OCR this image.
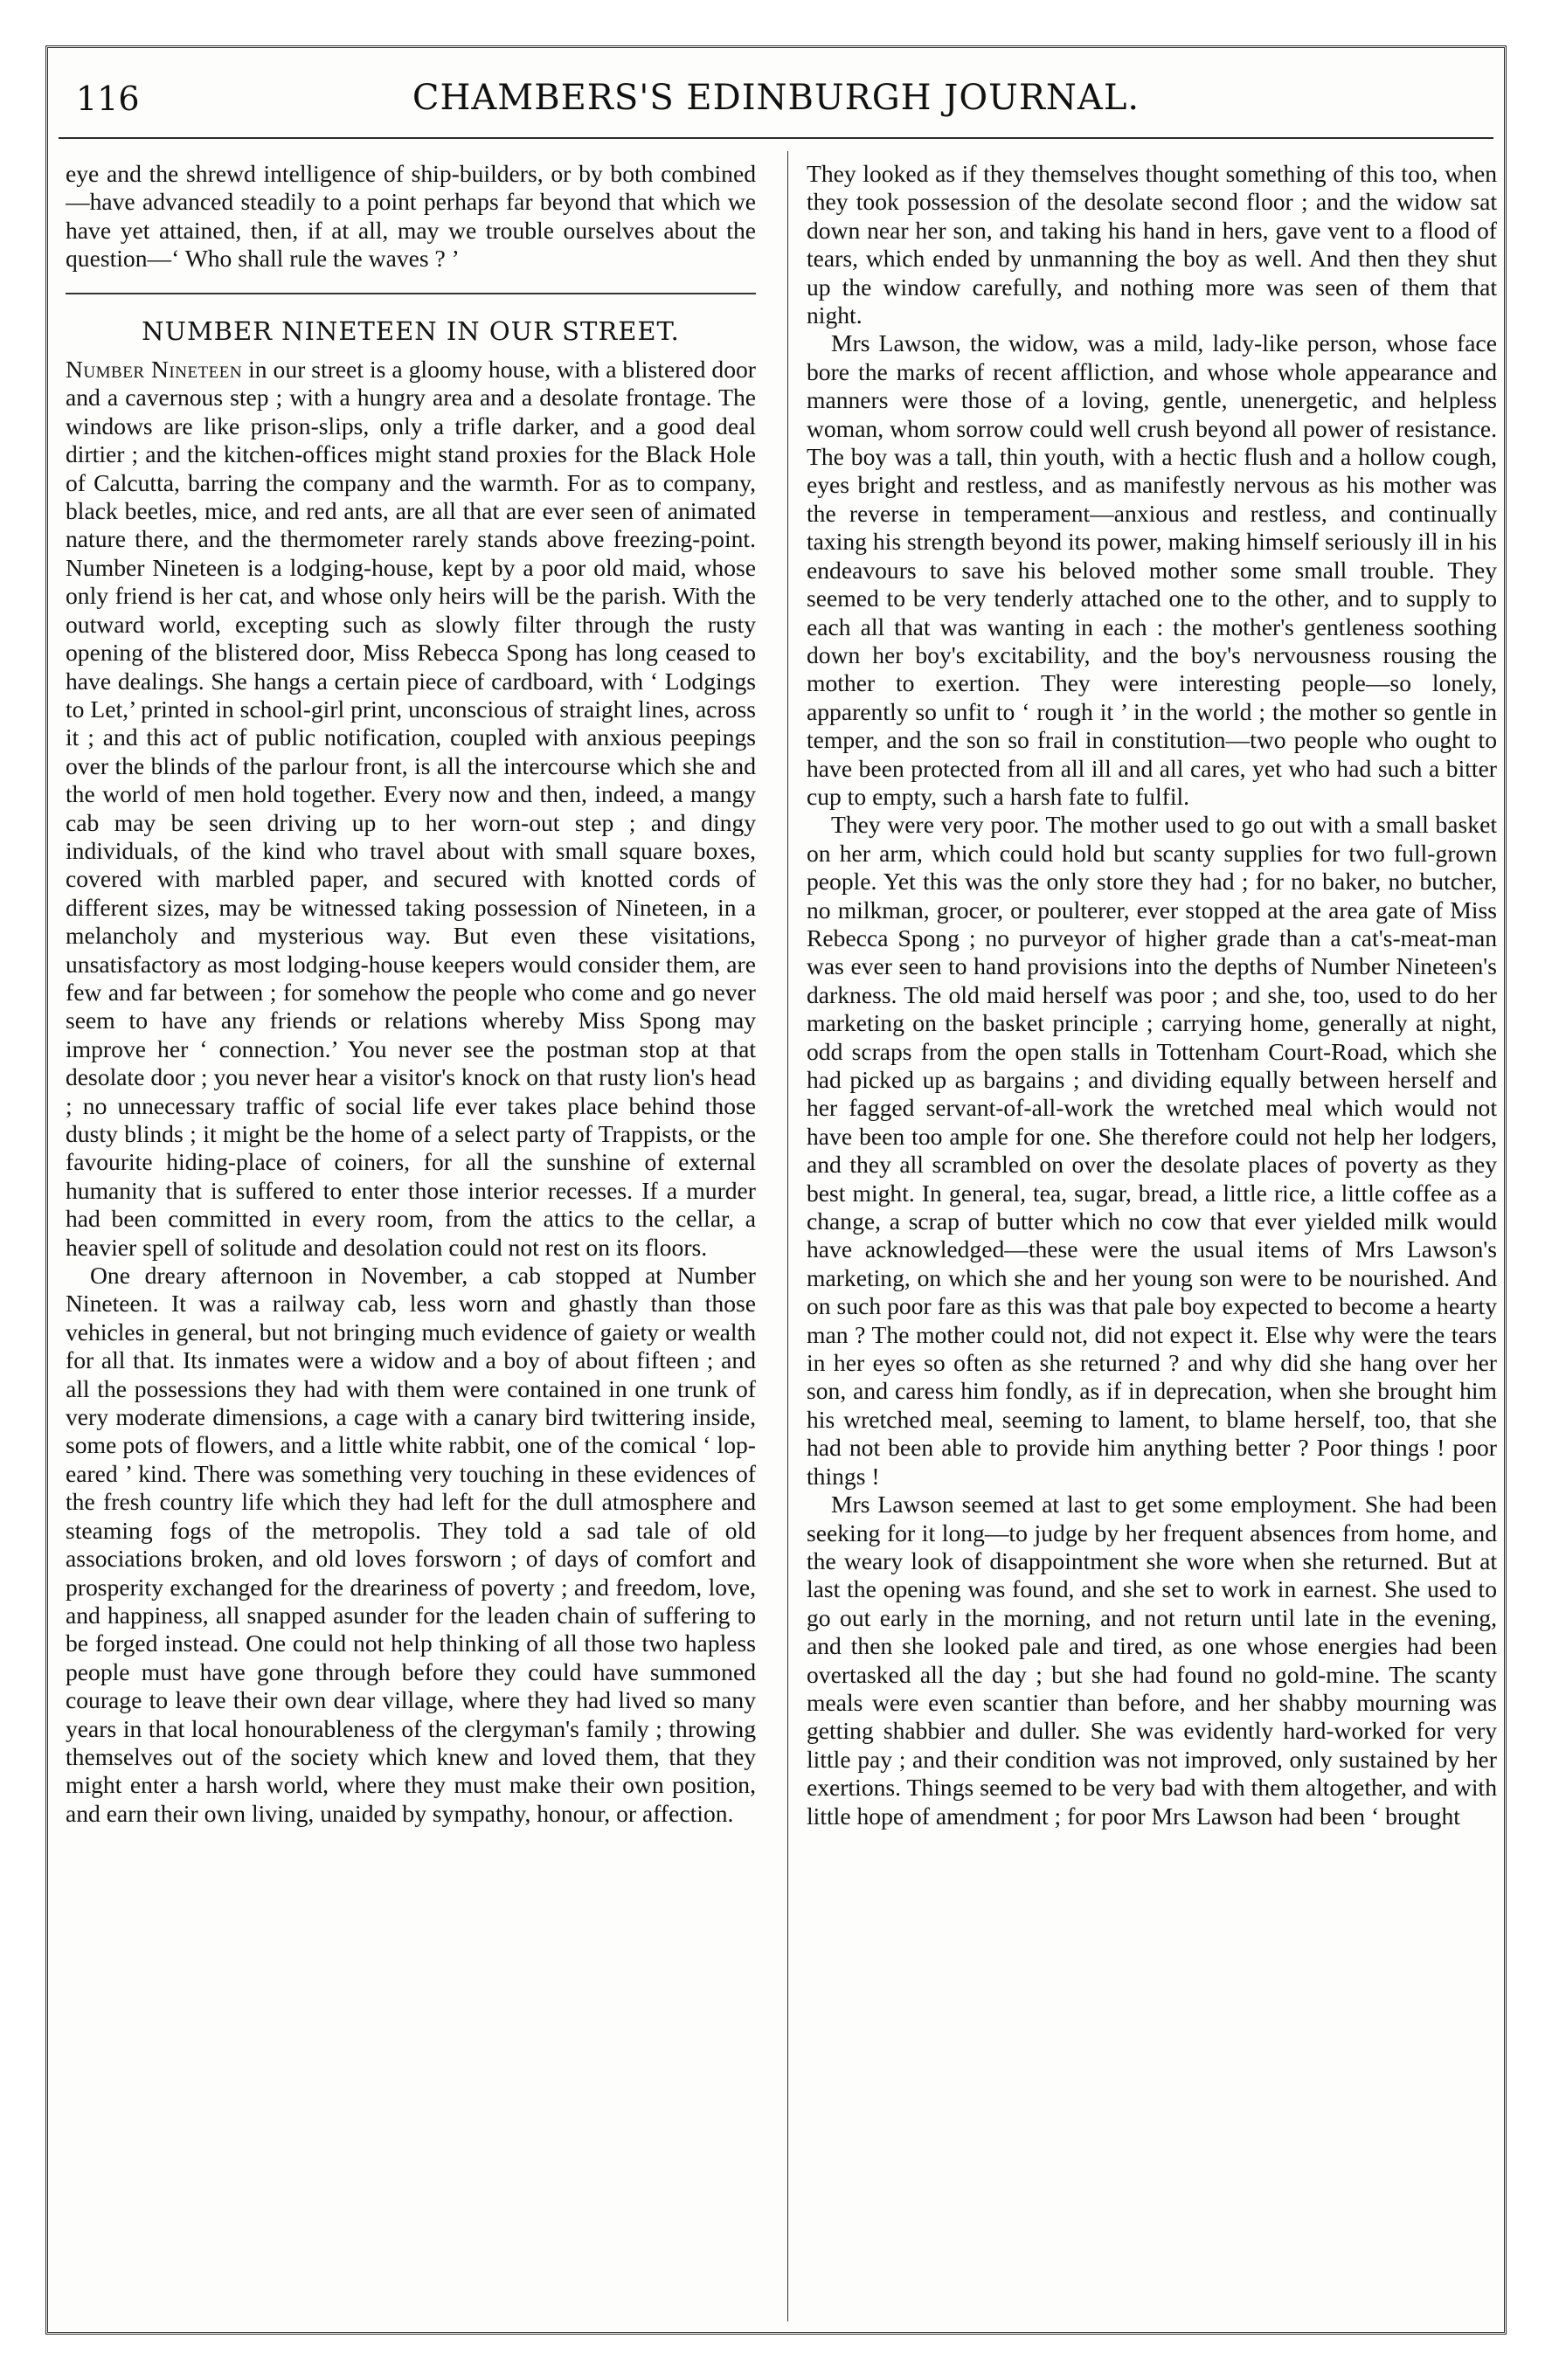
116	CHAMBERS'S EDINBURGH JOURNAL.

eye and the shrewd intelligence of ship-builders, or by both combined—have advanced steadily to a point perhaps far beyond that which we have yet attained, then, if at all, may we trouble ourselves about the question—‘ Who shall rule the waves ? ’

NUMBER NINETEEN IN OUR STREET.

Number Nineteen in our street is a gloomy house, with a blistered door and a cavernous step ; with a hungry area and a desolate frontage. The windows are like prison-slips, only a trifle darker, and a good deal dirtier ; and the kitchen-offices might stand proxies for the Black Hole of Calcutta, barring the company and the warmth. For as to company, black beetles, mice, and red ants, are all that are ever seen of animated nature there, and the thermometer rarely stands above freezing-point. Number Nineteen is a lodging-house, kept by a poor old maid, whose only friend is her cat, and whose only heirs will be the parish. With the outward world, excepting such as slowly filter through the rusty opening of the blistered door, Miss Rebecca Spong has long ceased to have dealings. She hangs a certain piece of cardboard, with ‘ Lodgings to Let,’ printed in school-girl print, unconscious of straight lines, across it ; and this act of public notification, coupled with anxious peepings over the blinds of the parlour front, is all the intercourse which she and the world of men hold together. Every now and then, indeed, a mangy cab may be seen driving up to her worn-out step ; and dingy individuals, of the kind who travel about with small square boxes, covered with marbled paper, and secured with knotted cords of different sizes, may be witnessed taking possession of Nineteen, in a melancholy and mysterious way. But even these visitations, unsatisfactory as most lodging-house keepers would consider them, are few and far between ; for somehow the people who come and go never seem to have any friends or relations whereby Miss Spong may improve her ‘ connection.’ You never see the postman stop at that desolate door ; you never hear a visitor's knock on that rusty lion's head ; no unnecessary traffic of social life ever takes place behind those dusty blinds ; it might be the home of a select party of Trappists, or the favourite hiding-place of coiners, for all the sunshine of external humanity that is suffered to enter those interior recesses. If a murder had been committed in every room, from the attics to the cellar, a heavier spell of solitude and desolation could not rest on its floors.

One dreary afternoon in November, a cab stopped at Number Nineteen. It was a railway cab, less worn and ghastly than those vehicles in general, but not bringing much evidence of gaiety or wealth for all that. Its inmates were a widow and a boy of about fifteen ; and all the possessions they had with them were contained in one trunk of very moderate dimensions, a cage with a canary bird twittering inside, some pots of flowers, and a little white rabbit, one of the comical ‘ lop-eared ’ kind. There was something very touching in these evidences of the fresh country life which they had left for the dull atmosphere and steaming fogs of the metropolis. They told a sad tale of old associations broken, and old loves forsworn ; of days of comfort and prosperity exchanged for the dreariness of poverty ; and freedom, love, and happiness, all snapped asunder for the leaden chain of suffering to be forged instead. One could not help thinking of all those two hapless people must have gone through before they could have summoned courage to leave their own dear village, where they had lived so many years in that local honourableness of the clergyman's family ; throwing themselves out of the society which knew and loved them, that they might enter a harsh world, where they must make their own position, and earn their own living, unaided by sympathy, honour, or affection.

They looked as if they themselves thought something of this too, when they took possession of the desolate second floor ; and the widow sat down near her son, and taking his hand in hers, gave vent to a flood of tears, which ended by unmanning the boy as well. And then they shut up the window carefully, and nothing more was seen of them that night.

Mrs Lawson, the widow, was a mild, lady-like person, whose face bore the marks of recent affliction, and whose whole appearance and manners were those of a loving, gentle, unenergetic, and helpless woman, whom sorrow could well crush beyond all power of resistance. The boy was a tall, thin youth, with a hectic flush and a hollow cough, eyes bright and restless, and as manifestly nervous as his mother was the reverse in temperament—anxious and restless, and continually taxing his strength beyond its power, making himself seriously ill in his endeavours to save his beloved mother some small trouble. They seemed to be very tenderly attached one to the other, and to supply to each all that was wanting in each : the mother's gentleness soothing down her boy's excitability, and the boy's nervousness rousing the mother to exertion. They were interesting people—so lonely, apparently so unfit to ‘ rough it ’ in the world ; the mother so gentle in temper, and the son so frail in constitution—two people who ought to have been protected from all ill and all cares, yet who had such a bitter cup to empty, such a harsh fate to fulfil.

They were very poor. The mother used to go out with a small basket on her arm, which could hold but scanty supplies for two full-grown people. Yet this was the only store they had ; for no baker, no butcher, no milkman, grocer, or poulterer, ever stopped at the area gate of Miss Rebecca Spong ; no purveyor of higher grade than a cat's-meat-man was ever seen to hand provisions into the depths of Number Nineteen's darkness. The old maid herself was poor ; and she, too, used to do her marketing on the basket principle ; carrying home, generally at night, odd scraps from the open stalls in Tottenham Court-Road, which she had picked up as bargains ; and dividing equally between herself and her fagged servant-of-all-work the wretched meal which would not have been too ample for one. She therefore could not help her lodgers, and they all scrambled on over the desolate places of poverty as they best might. In general, tea, sugar, bread, a little rice, a little coffee as a change, a scrap of butter which no cow that ever yielded milk would have acknowledged—these were the usual items of Mrs Lawson's marketing, on which she and her young son were to be nourished. And on such poor fare as this was that pale boy expected to become a hearty man ? The mother could not, did not expect it. Else why were the tears in her eyes so often as she returned ? and why did she hang over her son, and caress him fondly, as if in deprecation, when she brought him his wretched meal, seeming to lament, to blame herself, too, that she had not been able to provide him anything better ? Poor things ! poor things !

Mrs Lawson seemed at last to get some employment. She had been seeking for it long—to judge by her frequent absences from home, and the weary look of disappointment she wore when she returned. But at last the opening was found, and she set to work in earnest. She used to go out early in the morning, and not return until late in the evening, and then she looked pale and tired, as one whose energies had been overtasked all the day ; but she had found no gold-mine. The scanty meals were even scantier than before, and her shabby mourning was getting shabbier and duller. She was evidently hard-worked for very little pay ; and their condition was not improved, only sustained by her exertions. Things seemed to be very bad with them altogether, and with little hope of amendment ; for poor Mrs Lawson had been ‘ brought
